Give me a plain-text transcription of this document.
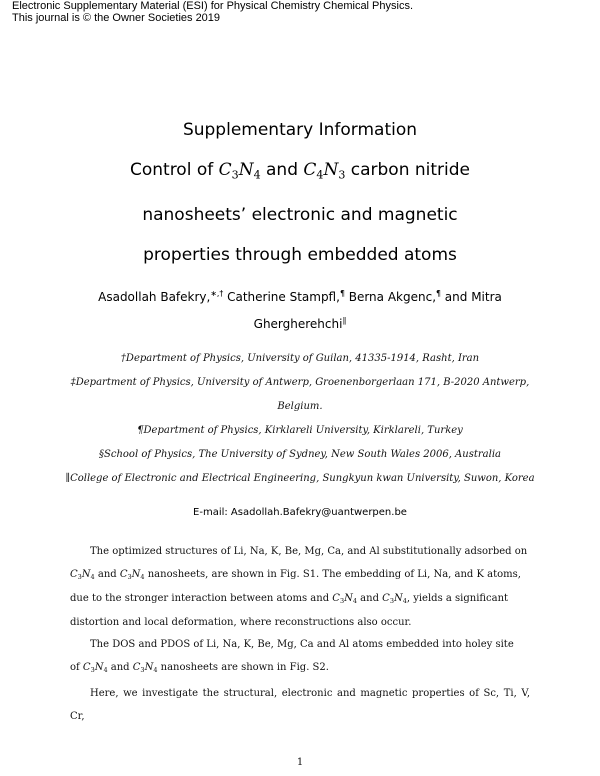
Electronic Supplementary Material (ESI) for Physical Chemistry Chemical Physics.
This journal is © the Owner Societies 2019
Supplementary Information
Control of $C_3N_4$ and $C_4N_3$ carbon nitride
nanosheets’ electronic and magnetic
properties through embedded atoms
Asadollah Bafekry,∗,† Catherine Stampfl,¶ Berna Akgenc,¶ and Mitra
Ghergherehchi∥
†Department of Physics, University of Guilan, 41335-1914, Rasht, Iran
‡Department of Physics, University of Antwerp, Groenenborgerlaan 171, B-2020 Antwerp,
Belgium.
¶Department of Physics, Kirklareli University, Kirklareli, Turkey
§School of Physics, The University of Sydney, New South Wales 2006, Australia
∥College of Electronic and Electrical Engineering, Sungkyun kwan University, Suwon, Korea
E-mail: Asadollah.Bafekry@uantwerpen.be
The optimized structures of Li, Na, K, Be, Mg, Ca, and Al substitutionally adsorbed on
$C_3N_4$ and $C_3N_4$ nanosheets, are shown in Fig. S1. The embedding of Li, Na, and K atoms,
due to the stronger interaction between atoms and $C_3N_4$ and $C_3N_4$, yields a significant
distortion and local deformation, where reconstructions also occur.
The DOS and PDOS of Li, Na, K, Be, Mg, Ca and Al atoms embedded into holey site
of $C_3N_4$ and $C_3N_4$ nanosheets are shown in Fig. S2.
Here, we investigate the structural, electronic and magnetic properties of Sc, Ti, V, Cr,
1
